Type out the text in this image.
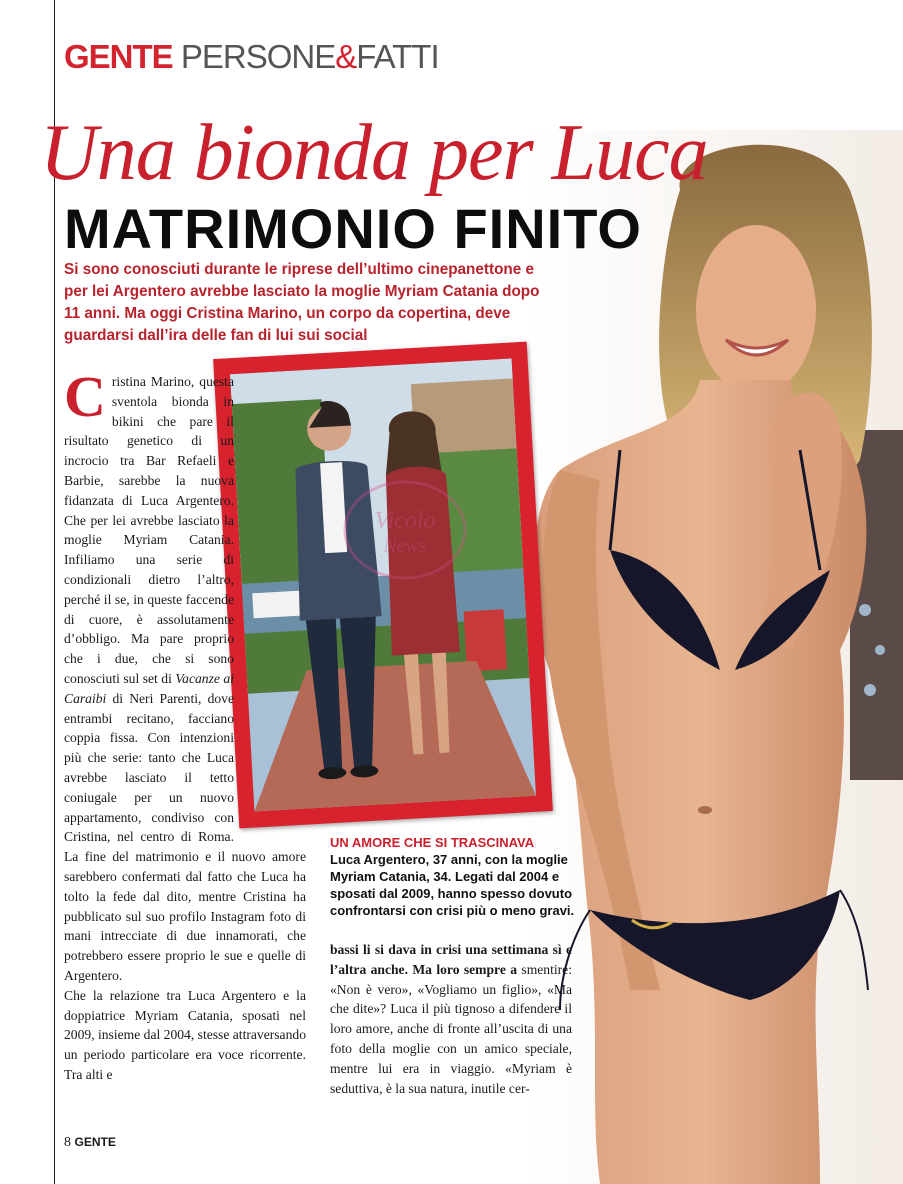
GENTE PERSONE&FATTI
Una bionda per Luca
MATRIMONIO FINITO
Si sono conosciuti durante le riprese dell’ultimo cinepanettone e per lei Argentero avrebbe lasciato la moglie Myriam Catania dopo 11 anni. Ma oggi Cristina Marino, un corpo da copertina, deve guardarsi dall’ira delle fan di lui sui social
Cristina Marino, questa sventola bionda in bikini che pare il risultato genetico di un incrocio tra Bar Refaeli e Barbie, sarebbe la nuova fidanzata di Luca Argentero. Che per lei avrebbe lasciato la moglie Myriam Catania. Infiliamo una serie di condizionali dietro l’altro, perché il se, in queste faccende di cuore, è assolutamente d’obbligo. Ma pare proprio che i due, che si sono conosciuti sul set di Vacanze ai Caraibi di Neri Parenti, dove entrambi recitano, facciano coppia fissa. Con intenzioni più che serie: tanto che Luca avrebbe lasciato il tetto coniugale per un nuovo appartamento, condiviso con Cristina, nel centro di Roma. La fine del matrimonio e il nuovo amore sarebbero confermati dal fatto che Luca ha tolto la fede dal dito, mentre Cristina ha pubblicato sul suo profilo Instagram foto di mani intrecciate di due innamorati, che potrebbero essere proprio le sue e quelle di Argentero.
Che la relazione tra Luca Argentero e la doppiatrice Myriam Catania, sposati nel 2009, insieme dal 2004, stesse attraversando un periodo particolare era voce ricorrente. Tra alti e
UN AMORE CHE SI TRASCINAVA
Luca Argentero, 37 anni, con la moglie Myriam Catania, 34. Legati dal 2004 e sposati dal 2009, hanno spesso dovuto confrontarsi con crisi più o meno gravi.
bassi li si dava in crisi una settimana sì e l’altra anche. Ma loro sempre a smentire: «Non è vero», «Vogliamo un figlio», «Ma che dite»? Luca il più tignoso a difendere il loro amore, anche di fronte all’uscita di una foto della moglie con un amico speciale, mentre lui era in viaggio. «Myriam è seduttiva, è la sua natura, inutile cer-
Vicolo
News
8 GENTE
